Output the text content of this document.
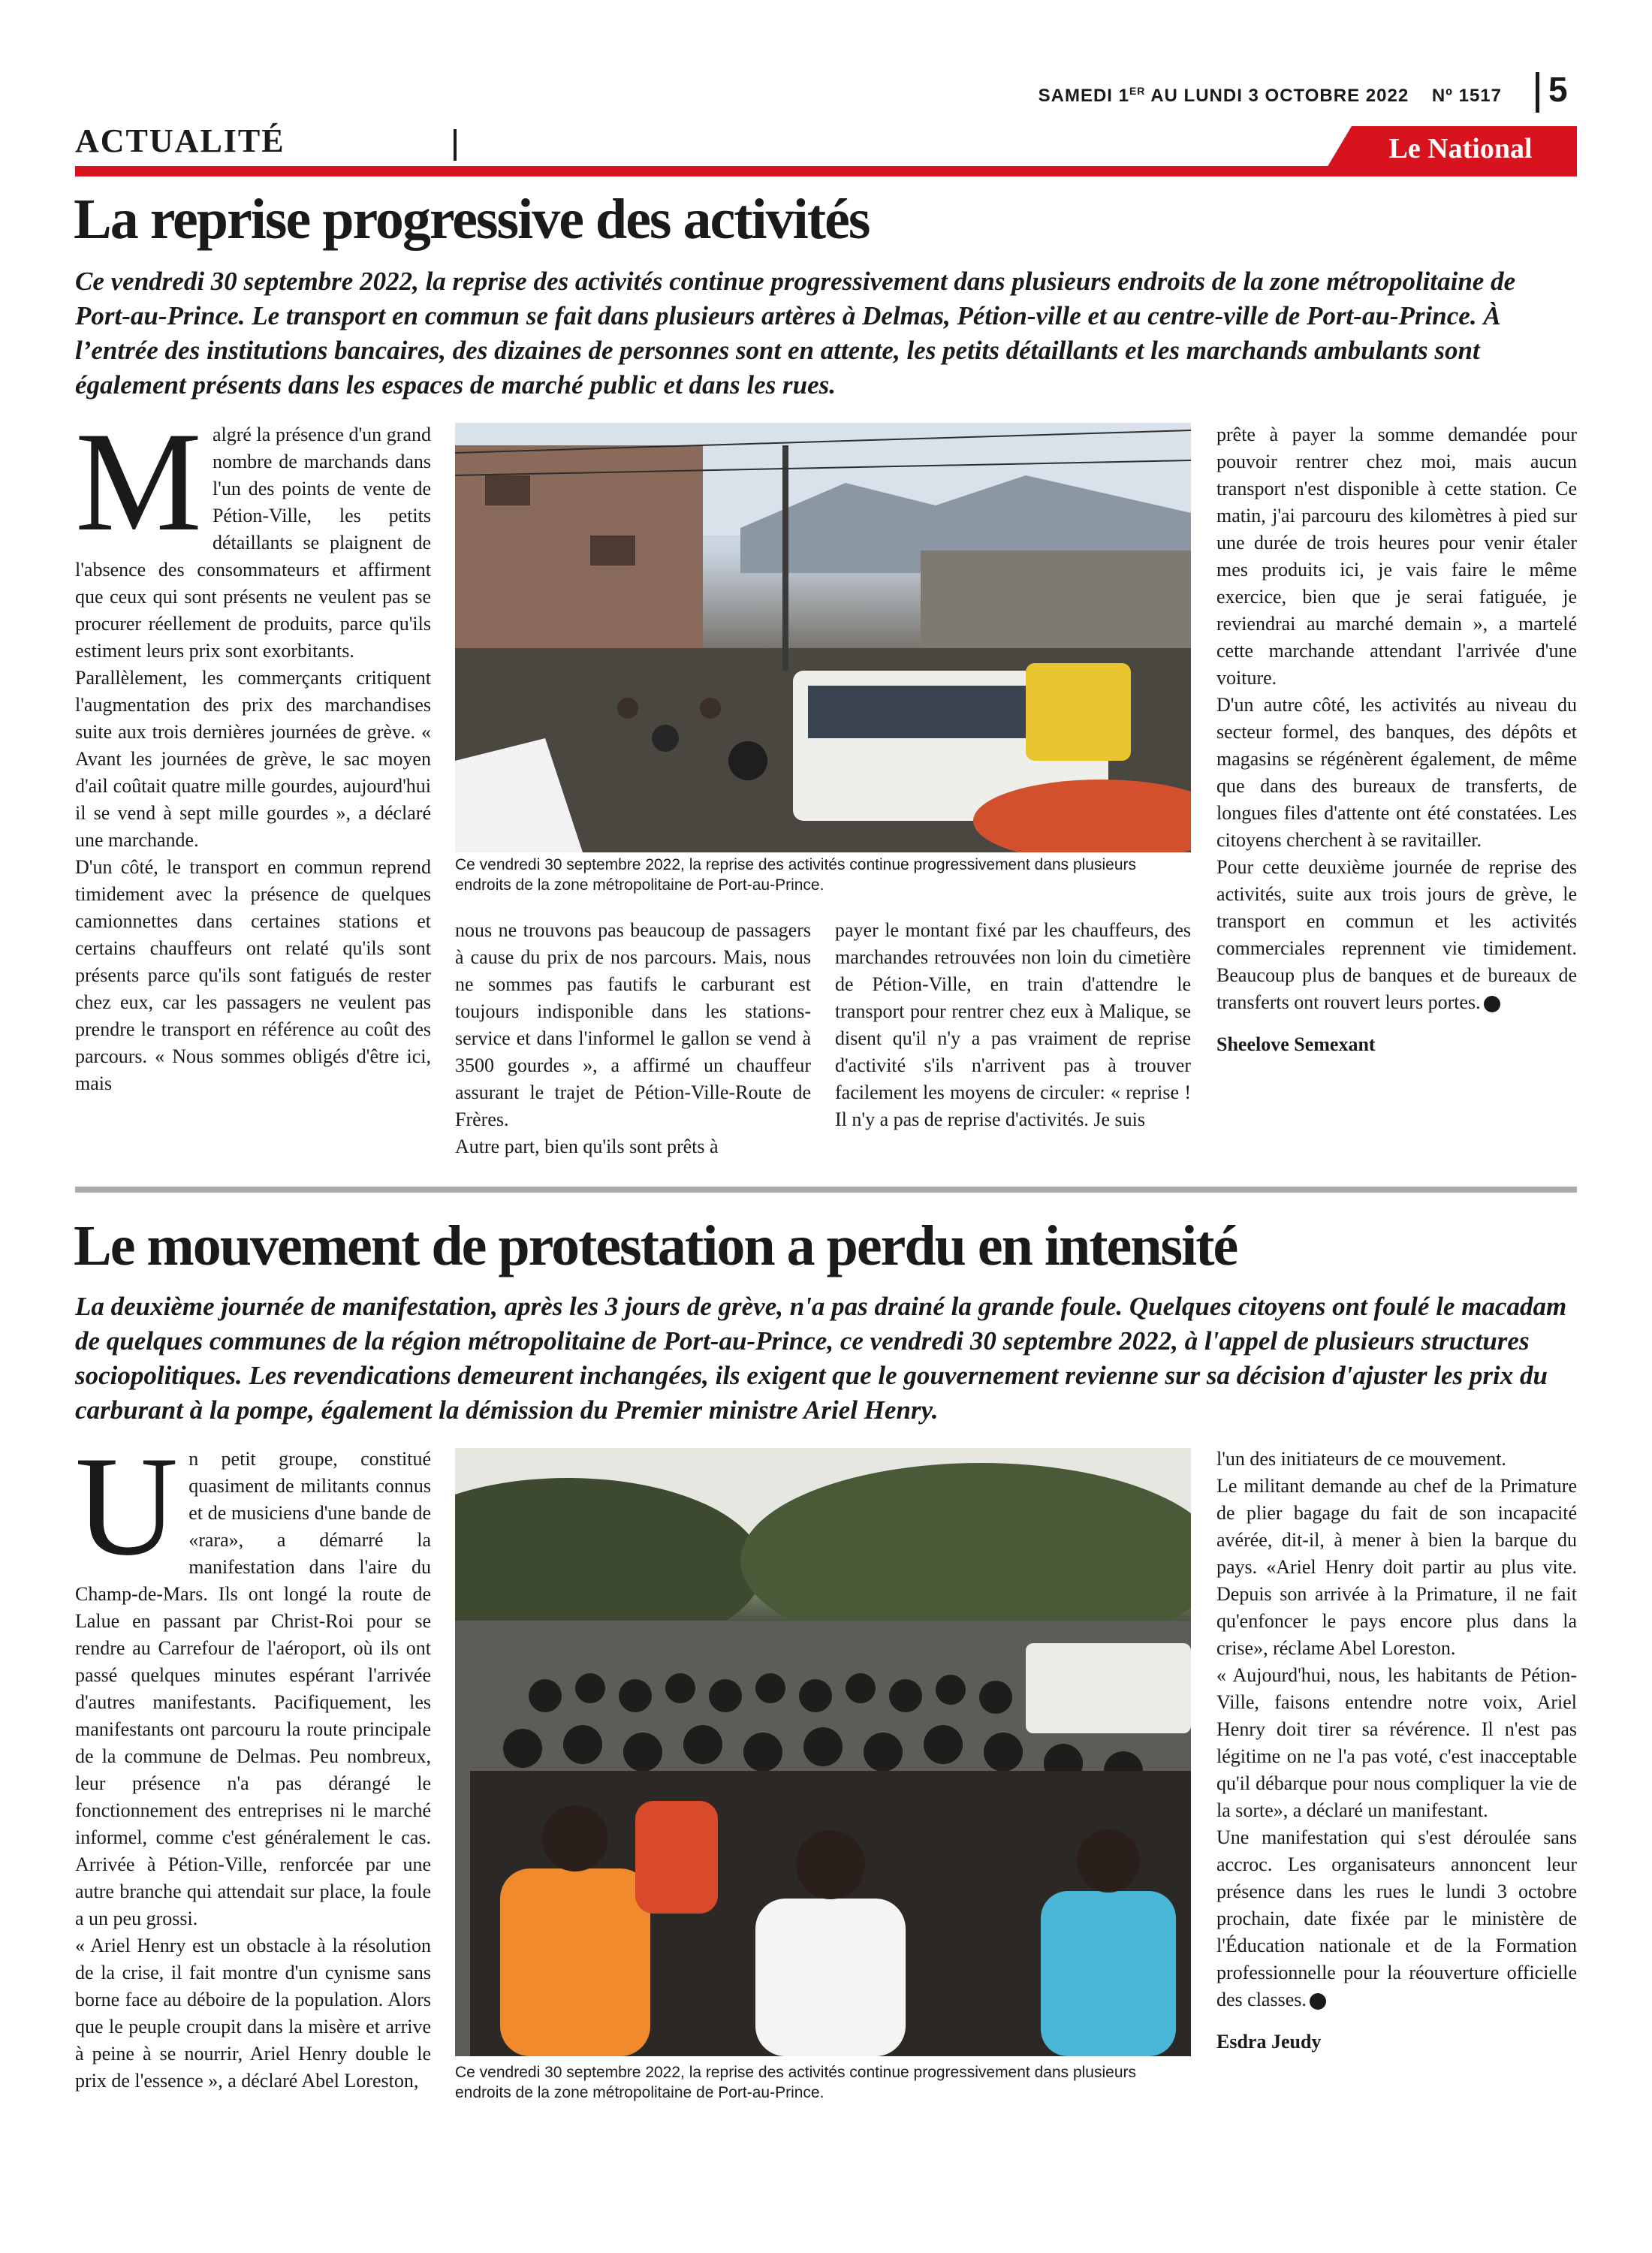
SAMEDI 1ER AU LUNDI 3 OCTOBRE 2022 Nº 1517 5
ACTUALITÉ	Le National
La reprise progressive des activités
Ce vendredi 30 septembre 2022, la reprise des activités continue progressivement dans plusieurs endroits de la zone métropolitaine de Port-au-Prince. Le transport en commun se fait dans plusieurs artères à Delmas, Pétion-ville et au centre-ville de Port-au-Prince. À l’entrée des institutions bancaires, des dizaines de personnes sont en attente, les petits détaillants et les marchands ambulants sont également présents dans les espaces de marché public et dans les rues.
M algré la présence d'un grand nombre de marchands dans l'un des points de vente de Pétion-Ville, les petits détaillants se plaignent de l'absence des consommateurs et affirment que ceux qui sont présents ne veulent pas se procurer réellement de produits, parce qu'ils estiment leurs prix sont exorbitants.

Parallèlement, les commerçants critiquent l'augmentation des prix des marchandises suite aux trois dernières journées de grève. « Avant les journées de grève, le sac moyen d'ail coûtait quatre mille gourdes, aujourd'hui il se vend à sept mille gourdes », a déclaré une marchande.

D'un côté, le transport en commun reprend timidement avec la présence de quelques camionnettes dans certaines stations et certains chauffeurs ont relaté qu'ils sont présents parce qu'ils sont fatigués de rester chez eux, car les passagers ne veulent pas prendre le transport en référence au coût des parcours. « Nous sommes obligés d'être ici, mais

Ce vendredi 30 septembre 2022, la reprise des activités continue progressivement dans plusieurs endroits de la zone métropolitaine de Port-au-Prince.

nous ne trouvons pas beaucoup de passagers à cause du prix de nos parcours. Mais, nous ne sommes pas fautifs le carburant est toujours indisponible dans les stations-service et dans l'informel le gallon se vend à 3500 gourdes », a affirmé un chauffeur assurant le trajet de Pétion-Ville-Route de Frères.

Autre part, bien qu'ils sont prêts à

payer le montant fixé par les chauffeurs, des marchandes retrouvées non loin du cimetière de Pétion-Ville, en train d'attendre le transport pour rentrer chez eux à Malique, se disent qu'il n'y a pas vraiment de reprise d'activité s'ils n'arrivent pas à trouver facilement les moyens de circuler: « reprise ! Il n'y a pas de reprise d'activités. Je suis

prête à payer la somme demandée pour pouvoir rentrer chez moi, mais aucun transport n'est disponible à cette station. Ce matin, j'ai parcouru des kilomètres à pied sur une durée de trois heures pour venir étaler mes produits ici, je vais faire le même exercice, bien que je serai fatiguée, je reviendrai au marché demain », a martelé cette marchande attendant l'arrivée d'une voiture.

D'un autre côté, les activités au niveau du secteur formel, des banques, des dépôts et magasins se régénèrent également, de même que dans des bureaux de transferts, de longues files d'attente ont été constatées. Les citoyens cherchent à se ravitailler.

Pour cette deuxième journée de reprise des activités, suite aux trois jours de grève, le transport en commun et les activités commerciales reprennent vie timidement. Beaucoup plus de banques et de bureaux de transferts ont rouvert leurs portes.

Sheelove Semexant

Le mouvement de protestation a perdu en intensité
La deuxième journée de manifestation, après les 3 jours de grève, n'a pas drainé la grande foule. Quelques citoyens ont foulé le macadam de quelques communes de la région métropolitaine de Port-au-Prince, ce vendredi 30 septembre 2022, à l'appel de plusieurs structures sociopolitiques. Les revendications demeurent inchangées, ils exigent que le gouvernement revienne sur sa décision d'ajuster les prix du carburant à la pompe, également la démission du Premier ministre Ariel Henry.
U n petit groupe, constitué quasiment de militants connus et de musiciens d'une bande de «rara», a démarré la manifestation dans l'aire du Champ-de-Mars. Ils ont longé la route de Lalue en passant par Christ-Roi pour se rendre au Carrefour de l'aéroport, où ils ont passé quelques minutes espérant l'arrivée d'autres manifestants. Pacifiquement, les manifestants ont parcouru la route principale de la commune de Delmas. Peu nombreux, leur présence n'a pas dérangé le fonctionnement des entreprises ni le marché informel, comme c'est généralement le cas. Arrivée à Pétion-Ville, renforcée par une autre branche qui attendait sur place, la foule a un peu grossi.

« Ariel Henry est un obstacle à la résolution de la crise, il fait montre d'un cynisme sans borne face au déboire de la population. Alors que le peuple croupit dans la misère et arrive à peine à se nourrir, Ariel Henry double le prix de l'essence », a déclaré Abel Loreston,	Ce vendredi 30 septembre 2022, la reprise des activités continue progressivement dans plusieurs endroits de la zone métropolitaine de Port-au-Prince.

l'un des initiateurs de ce mouvement.

Le militant demande au chef de la Primature de plier bagage du fait de son incapacité avérée, dit-il, à mener à bien la barque du pays. «Ariel Henry doit partir au plus vite. Depuis son arrivée à la Primature, il ne fait qu'enfoncer le pays encore plus dans la crise», réclame Abel Loreston.

« Aujourd'hui, nous, les habitants de Pétion-Ville, faisons entendre notre voix, Ariel Henry doit tirer sa révérence. Il n'est pas légitime on ne l'a pas voté, c'est inacceptable qu'il débarque pour nous compliquer la vie de la sorte», a déclaré un manifestant.

Une manifestation qui s'est déroulée sans accroc. Les organisateurs annoncent leur présence dans les rues le lundi 3 octobre prochain, date fixée par le ministère de l'Éducation nationale et de la Formation professionnelle pour la réouverture officielle des classes.

Esdra Jeudy
